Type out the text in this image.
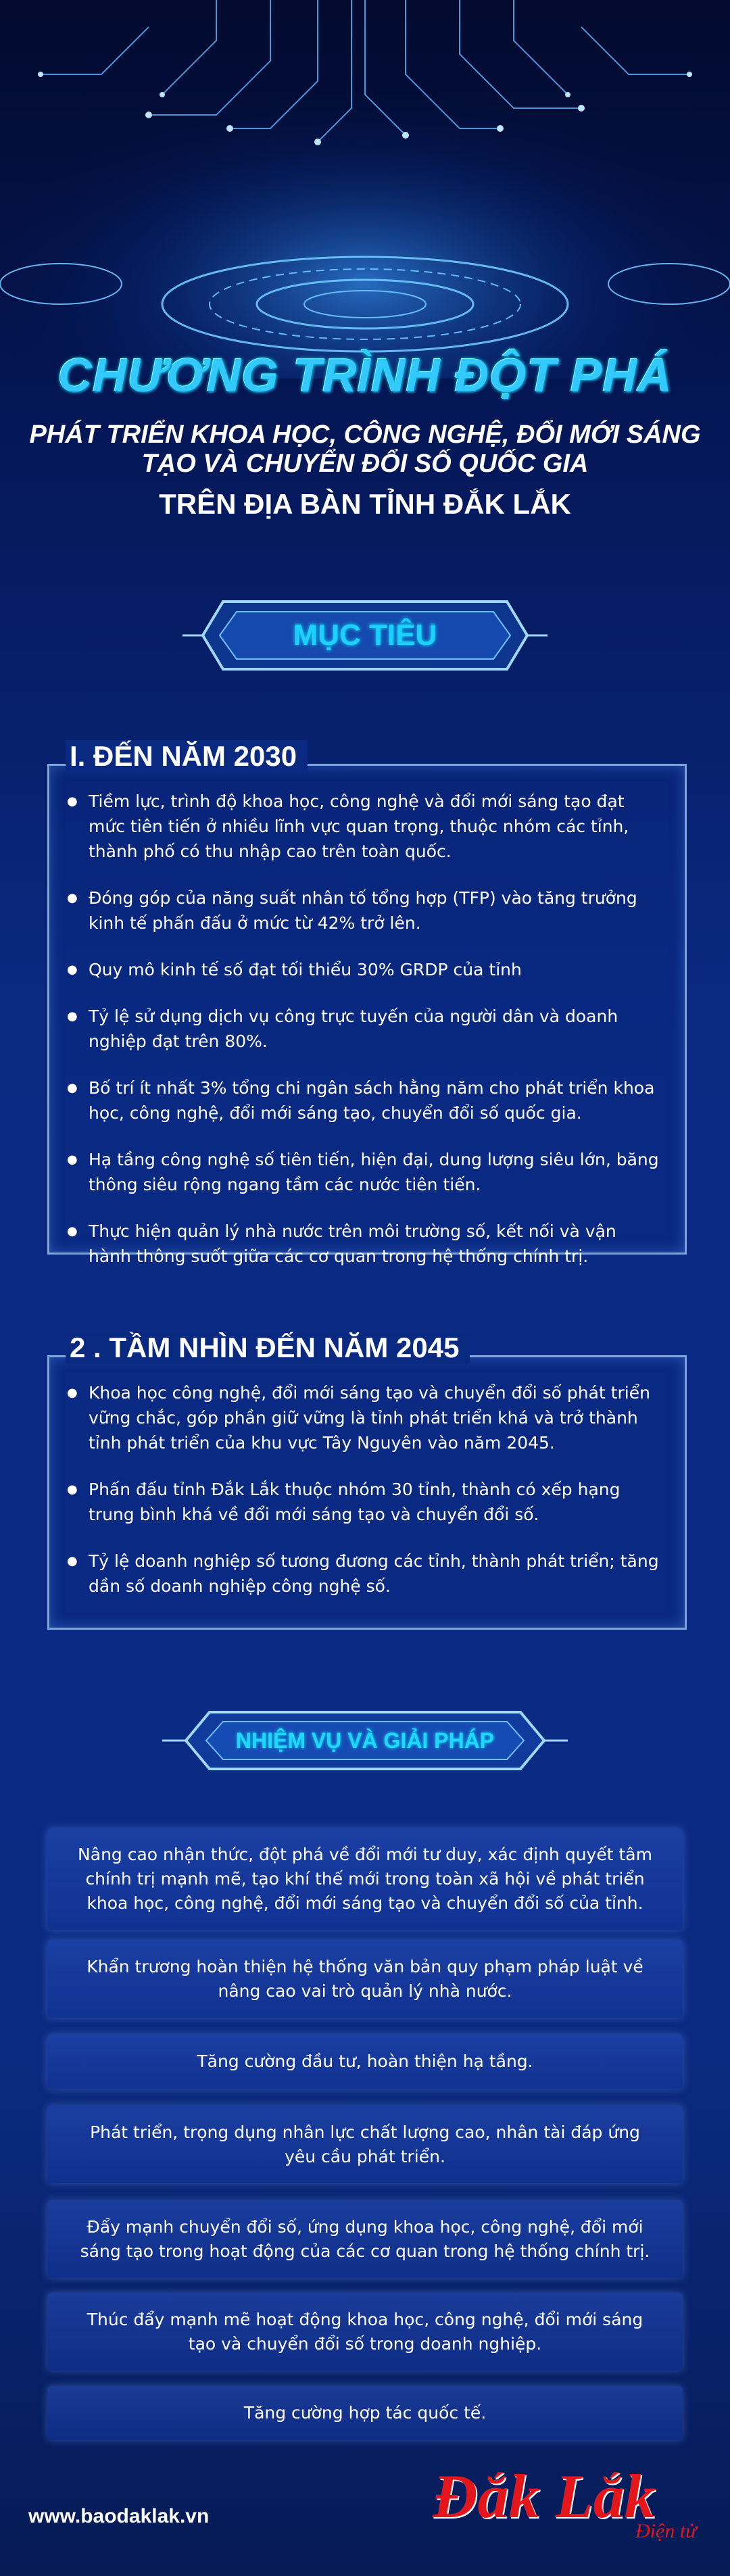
CHƯƠNG TRÌNH ĐỘT PHÁ
PHÁT TRIỂN KHOA HỌC, CÔNG NGHỆ, ĐỔI MỚI SÁNG TẠO VÀ CHUYỂN ĐỔI SỐ QUỐC GIA
TRÊN ĐỊA BÀN TỈNH ĐẮK LẮK
MỤC TIÊU
I. ĐẾN NĂM 2030
● Tiềm lực, trình độ khoa học, công nghệ và đổi mới sáng tạo đạt mức tiên tiến ở nhiều lĩnh vực quan trọng, thuộc nhóm các tỉnh, thành phố có thu nhập cao trên toàn quốc.
● Đóng góp của năng suất nhân tố tổng hợp (TFP) vào tăng trưởng kinh tế phấn đấu ở mức từ 42% trở lên.
● Quy mô kinh tế số đạt tối thiểu 30% GRDP của tỉnh
● Tỷ lệ sử dụng dịch vụ công trực tuyến của người dân và doanh nghiệp đạt trên 80%.
● Bố trí ít nhất 3% tổng chi ngân sách hằng năm cho phát triển khoa học, công nghệ, đổi mới sáng tạo, chuyển đổi số quốc gia.
● Hạ tầng công nghệ số tiên tiến, hiện đại, dung lượng siêu lớn, băng thông siêu rộng ngang tầm các nước tiên tiến.
● Thực hiện quản lý nhà nước trên môi trường số, kết nối và vận hành thông suốt giữa các cơ quan trong hệ thống chính trị.
2 . TẦM NHÌN ĐẾN NĂM 2045
● Khoa học công nghệ, đổi mới sáng tạo và chuyển đổi số phát triển vững chắc, góp phần giữ vững là tỉnh phát triển khá và trở thành tỉnh phát triển của khu vực Tây Nguyên vào năm 2045.
● Phấn đấu tỉnh Đắk Lắk thuộc nhóm 30 tỉnh, thành có xếp hạng trung bình khá về đổi mới sáng tạo và chuyển đổi số.
● Tỷ lệ doanh nghiệp số tương đương các tỉnh, thành phát triển; tăng dần số doanh nghiệp công nghệ số.
NHIỆM VỤ VÀ GIẢI PHÁP
Nâng cao nhận thức, đột phá về đổi mới tư duy, xác định quyết tâm chính trị mạnh mẽ, tạo khí thế mới trong toàn xã hội về phát triển khoa học, công nghệ, đổi mới sáng tạo và chuyển đổi số của tỉnh.
Khẩn trương hoàn thiện hệ thống văn bản quy phạm pháp luật về nâng cao vai trò quản lý nhà nước.
Tăng cường đầu tư, hoàn thiện hạ tầng.
Phát triển, trọng dụng nhân lực chất lượng cao, nhân tài đáp ứng yêu cầu phát triển.
Đẩy mạnh chuyển đổi số, ứng dụng khoa học, công nghệ, đổi mới sáng tạo trong hoạt động của các cơ quan trong hệ thống chính trị.
Thúc đẩy mạnh mẽ hoạt động khoa học, công nghệ, đổi mới sáng tạo và chuyển đổi số trong doanh nghiệp.
Tăng cường hợp tác quốc tế.
www.baodaklak.vn	Đắk Lắk
Điện tử
